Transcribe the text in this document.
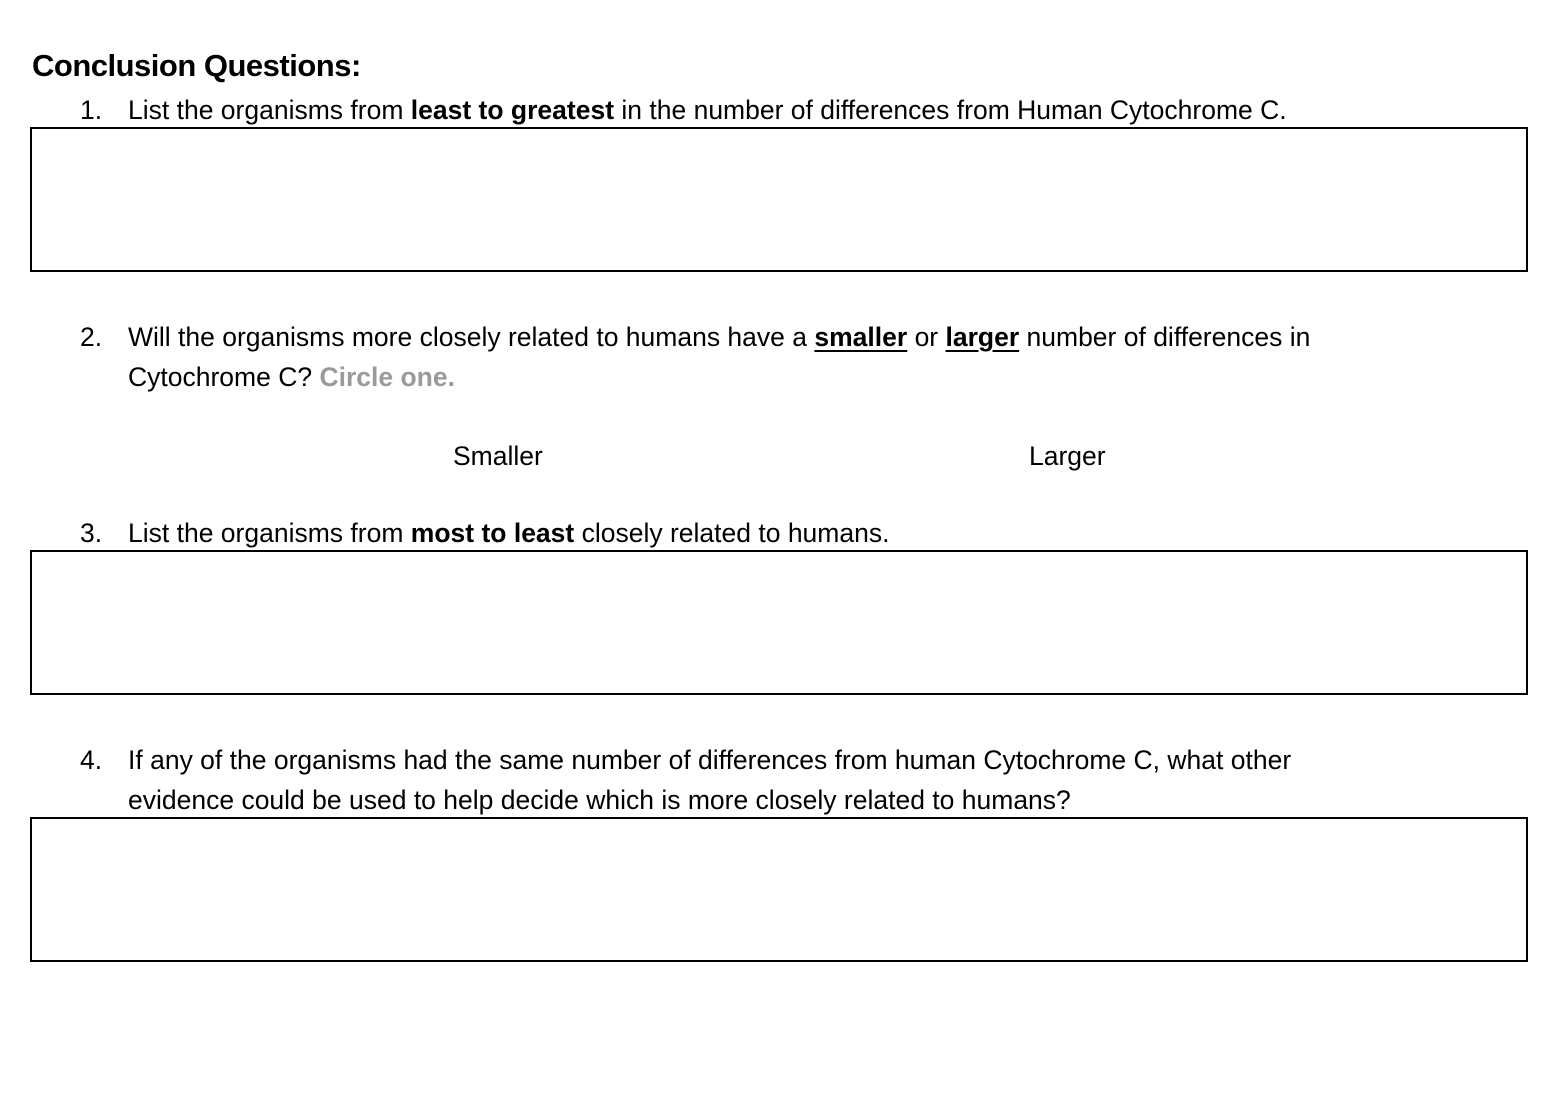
Conclusion Questions:
1. List the organisms from least to greatest in the number of differences from Human Cytochrome C.
2. Will the organisms more closely related to humans have a smaller or larger number of differences in
Cytochrome C? Circle one.
Smaller	Larger
3. List the organisms from most to least closely related to humans.
4. If any of the organisms had the same number of differences from human Cytochrome C, what other
evidence could be used to help decide which is more closely related to humans?
